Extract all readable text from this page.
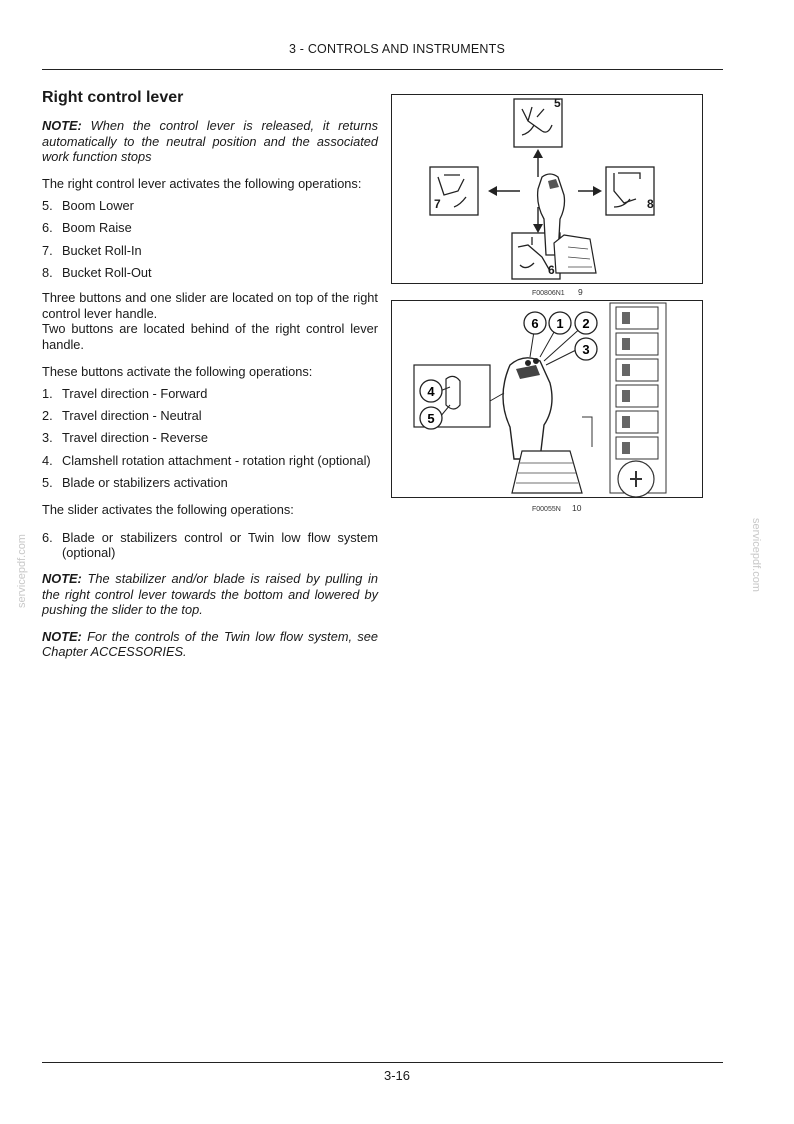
3 - CONTROLS AND INSTRUMENTS
Right control lever

NOTE: When the control lever is released, it returns automatically to the neutral position and the associated work function stops

The right control lever activates the following operations:

5. Boom Lower
6. Boom Raise
7. Bucket Roll-In
8. Bucket Roll-Out

Three buttons and one slider are located on top of the right control lever handle.

Two buttons are located behind of the right control lever handle.

These buttons activate the following operations:

1. Travel direction - Forward
2. Travel direction - Neutral
3. Travel direction - Reverse
4. Clamshell rotation attachment - rotation right (optional)
5. Blade or stabilizers activation

The slider activates the following operations:

6. Blade or stabilizers control or Twin low flow system (optional)

NOTE: The stabilizer and/or blade is raised by pulling in the right control lever towards the bottom and lowered by pushing the slider to the top.

NOTE: For the controls of the Twin low flow system, see Chapter ACCESSORIES.

5
6
7	8
F00806N1 9
6 1 2
3
4
5
F00055N 10
servicepdf.com	servicepdf.com
3-16
